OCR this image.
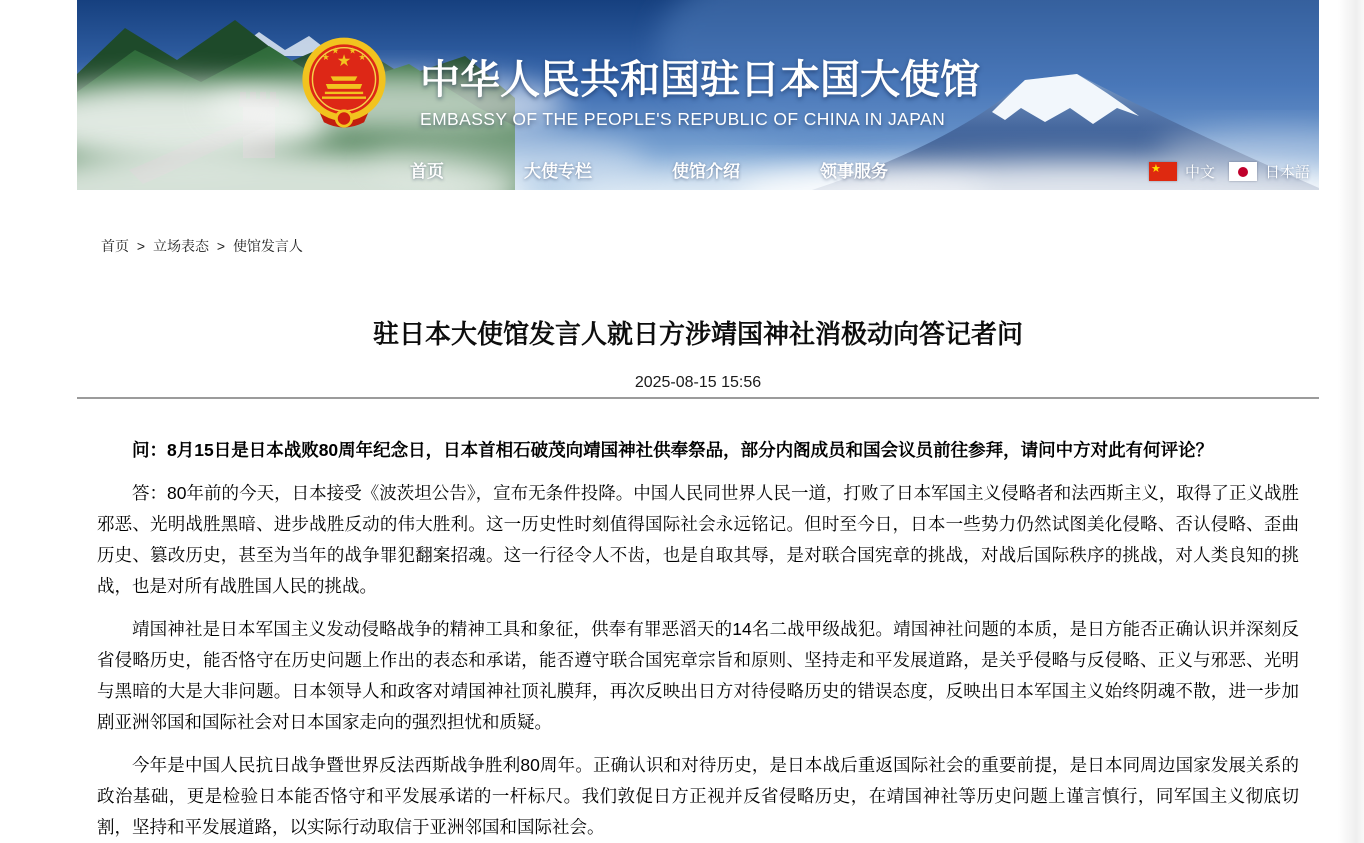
★
★
★ ★
★ 中华人民共和国驻日本国大使馆
EMBASSY OF THE PEOPLE'S REPUBLIC OF CHINA IN JAPAN
首页	大使专栏	使馆介绍	领事服务	★ 中文	日本語
首页 > 立场表态 > 使馆发言人
驻日本大使馆发言人就日方涉靖国神社消极动向答记者问
2025-08-15 15:56

问：8月15日是日本战败80周年纪念日，日本首相石破茂向靖国神社供奉祭品，部分内阁成员和国会议员前往参拜，请问中方对此有何评论？

答：80年前的今天，日本接受《波茨坦公告》，宣布无条件投降。中国人民同世界人民一道，打败了日本军国主义侵略者和法西斯主义，取得了正义战胜邪恶、光明战胜黑暗、进步战胜反动的伟大胜利。这一历史性时刻值得国际社会永远铭记。但时至今日，日本一些势力仍然试图美化侵略、否认侵略、歪曲历史、篡改历史，甚至为当年的战争罪犯翻案招魂。这一行径令人不齿，也是自取其辱，是对联合国宪章的挑战，对战后国际秩序的挑战，对人类良知的挑战，也是对所有战胜国人民的挑战。

靖国神社是日本军国主义发动侵略战争的精神工具和象征，供奉有罪恶滔天的14名二战甲级战犯。靖国神社问题的本质，是日方能否正确认识并深刻反省侵略历史，能否恪守在历史问题上作出的表态和承诺，能否遵守联合国宪章宗旨和原则、坚持走和平发展道路，是关乎侵略与反侵略、正义与邪恶、光明与黑暗的大是大非问题。日本领导人和政客对靖国神社顶礼膜拜，再次反映出日方对待侵略历史的错误态度，反映出日本军国主义始终阴魂不散，进一步加剧亚洲邻国和国际社会对日本国家走向的强烈担忧和质疑。

今年是中国人民抗日战争暨世界反法西斯战争胜利80周年。正确认识和对待历史，是日本战后重返国际社会的重要前提，是日本同周边国家发展关系的政治基础，更是检验日本能否恪守和平发展承诺的一杆标尺。我们敦促日方正视并反省侵略历史，在靖国神社等历史问题上谨言慎行，同军国主义彻底切割，坚持和平发展道路，以实际行动取信于亚洲邻国和国际社会。
